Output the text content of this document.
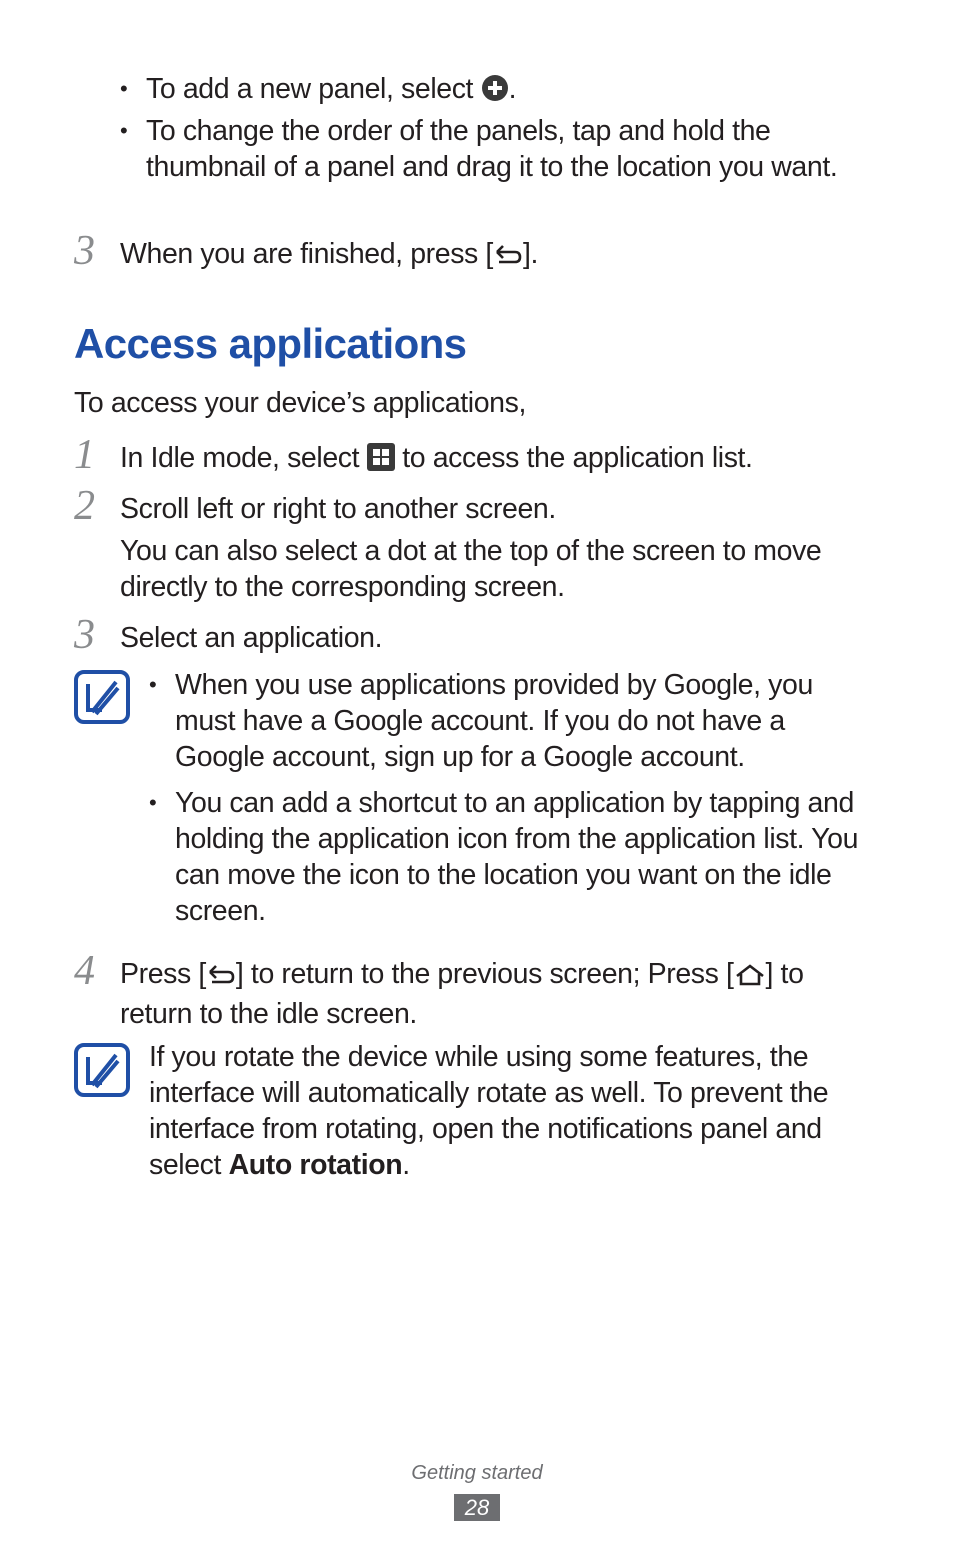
• To add a new panel, select .
• To change the order of the panels, tap and hold the thumbnail of a panel and drag it to the location you want.
3 When you are finished, press [ ].
Access applications
To access your device’s applications,
1 In Idle mode, select to access the application list.
2 Scroll left or right to another screen.
You can also select a dot at the top of the screen to move directly to the corresponding screen.
3 Select an application.
• When you use applications provided by Google, you must have a Google account. If you do not have a Google account, sign up for a Google account.
• You can add a shortcut to an application by tapping and holding the application icon from the application list. You can move the icon to the location you want on the idle screen.
4 Press [ ] to return to the previous screen; Press [ ] to return to the idle screen.
If you rotate the device while using some features, the interface will automatically rotate as well. To prevent the interface from rotating, open the notifications panel and select Auto rotation.
Getting started
28
